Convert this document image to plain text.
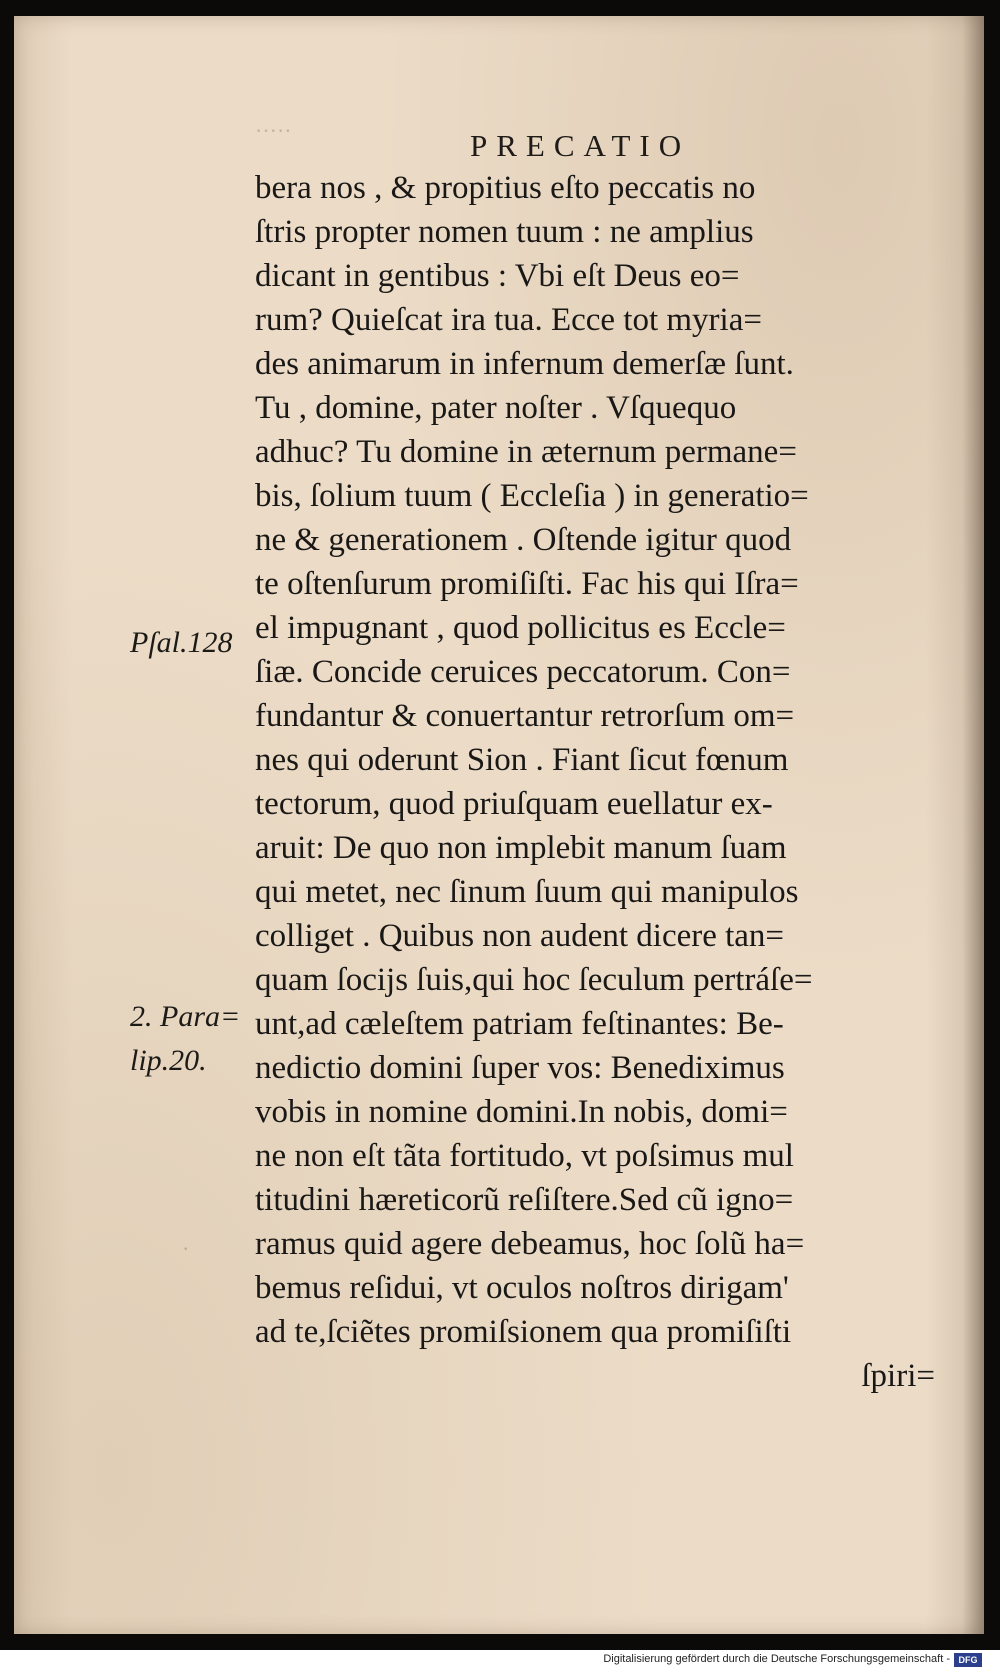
·····
·
PRECATIO
bera nos , & propitius eſto peccatis no
ſtris propter nomen tuum : ne amplius
dicant in gentibus : Vbi eſt Deus eo=
rum? Quieſcat ira tua. Ecce tot myria=
des animarum in infernum demerſæ ſunt.
Tu , domine, pater noſter . Vſquequo
adhuc? Tu domine in æternum permane=
bis, ſolium tuum ( Eccleſia ) in generatio=
ne & generationem . Oſtende igitur quod
te oſtenſurum promiſiſti. Fac his qui Iſra=
el impugnant , quod pollicitus es Eccle=
ſiæ. Concide ceruices peccatorum. Con=
fundantur & conuertantur retrorſum om=
nes qui oderunt Sion . Fiant ſicut fœnum
tectorum, quod priuſquam euellatur ex-
aruit: De quo non implebit manum ſuam
qui metet, nec ſinum ſuum qui manipulos
colliget . Quibus non audent dicere tan=
quam ſocijs ſuis,qui hoc ſeculum pertráſe=
unt,ad cæleſtem patriam feſtinantes: Be-
nedictio domini ſuper vos: Benediximus
vobis in nomine domini.In nobis, domi=
ne non eſt tãta fortitudo, vt poſsimus mul
titudini hæreticorũ reſiſtere.Sed cũ igno=
ramus quid agere debeamus, hoc ſolũ ha=
bemus reſidui, vt oculos noſtros dirigam'
ad te,ſciẽtes promiſsionem qua promiſiſti
ſpiri=
Pſal.128
2. Para=
lip.20.
Digitalisierung gefördert durch die Deutsche Forschungsgemeinschaft - DFG
